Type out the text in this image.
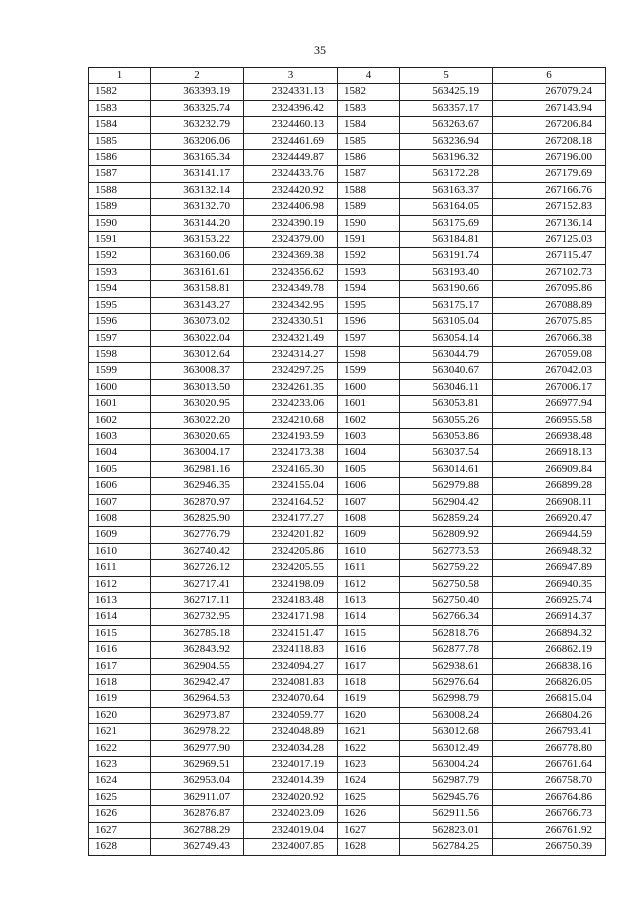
35
1	2	3	4	5	6
1582	363393.19	2324331.13	1582	563425.19	267079.24
1583	363325.74	2324396.42	1583	563357.17	267143.94
1584	363232.79	2324460.13	1584	563263.67	267206.84
1585	363206.06	2324461.69	1585	563236.94	267208.18
1586	363165.34	2324449.87	1586	563196.32	267196.00
1587	363141.17	2324433.76	1587	563172.28	267179.69
1588	363132.14	2324420.92	1588	563163.37	267166.76
1589	363132.70	2324406.98	1589	563164.05	267152.83
1590	363144.20	2324390.19	1590	563175.69	267136.14
1591	363153.22	2324379.00	1591	563184.81	267125.03
1592	363160.06	2324369.38	1592	563191.74	267115.47
1593	363161.61	2324356.62	1593	563193.40	267102.73
1594	363158.81	2324349.78	1594	563190.66	267095.86
1595	363143.27	2324342.95	1595	563175.17	267088.89
1596	363073.02	2324330.51	1596	563105.04	267075.85
1597	363022.04	2324321.49	1597	563054.14	267066.38
1598	363012.64	2324314.27	1598	563044.79	267059.08
1599	363008.37	2324297.25	1599	563040.67	267042.03
1600	363013.50	2324261.35	1600	563046.11	267006.17
1601	363020.95	2324233.06	1601	563053.81	266977.94
1602	363022.20	2324210.68	1602	563055.26	266955.58
1603	363020.65	2324193.59	1603	563053.86	266938.48
1604	363004.17	2324173.38	1604	563037.54	266918.13
1605	362981.16	2324165.30	1605	563014.61	266909.84
1606	362946.35	2324155.04	1606	562979.88	266899.28
1607	362870.97	2324164.52	1607	562904.42	266908.11
1608	362825.90	2324177.27	1608	562859.24	266920.47
1609	362776.79	2324201.82	1609	562809.92	266944.59
1610	362740.42	2324205.86	1610	562773.53	266948.32
1611	362726.12	2324205.55	1611	562759.22	266947.89
1612	362717.41	2324198.09	1612	562750.58	266940.35
1613	362717.11	2324183.48	1613	562750.40	266925.74
1614	362732.95	2324171.98	1614	562766.34	266914.37
1615	362785.18	2324151.47	1615	562818.76	266894.32
1616	362843.92	2324118.83	1616	562877.78	266862.19
1617	362904.55	2324094.27	1617	562938.61	266838.16
1618	362942.47	2324081.83	1618	562976.64	266826.05
1619	362964.53	2324070.64	1619	562998.79	266815.04
1620	362973.87	2324059.77	1620	563008.24	266804.26
1621	362978.22	2324048.89	1621	563012.68	266793.41
1622	362977.90	2324034.28	1622	563012.49	266778.80
1623	362969.51	2324017.19	1623	563004.24	266761.64
1624	362953.04	2324014.39	1624	562987.79	266758.70
1625	362911.07	2324020.92	1625	562945.76	266764.86
1626	362876.87	2324023.09	1626	562911.56	266766.73
1627	362788.29	2324019.04	1627	562823.01	266761.92
1628	362749.43	2324007.85	1628	562784.25	266750.39
